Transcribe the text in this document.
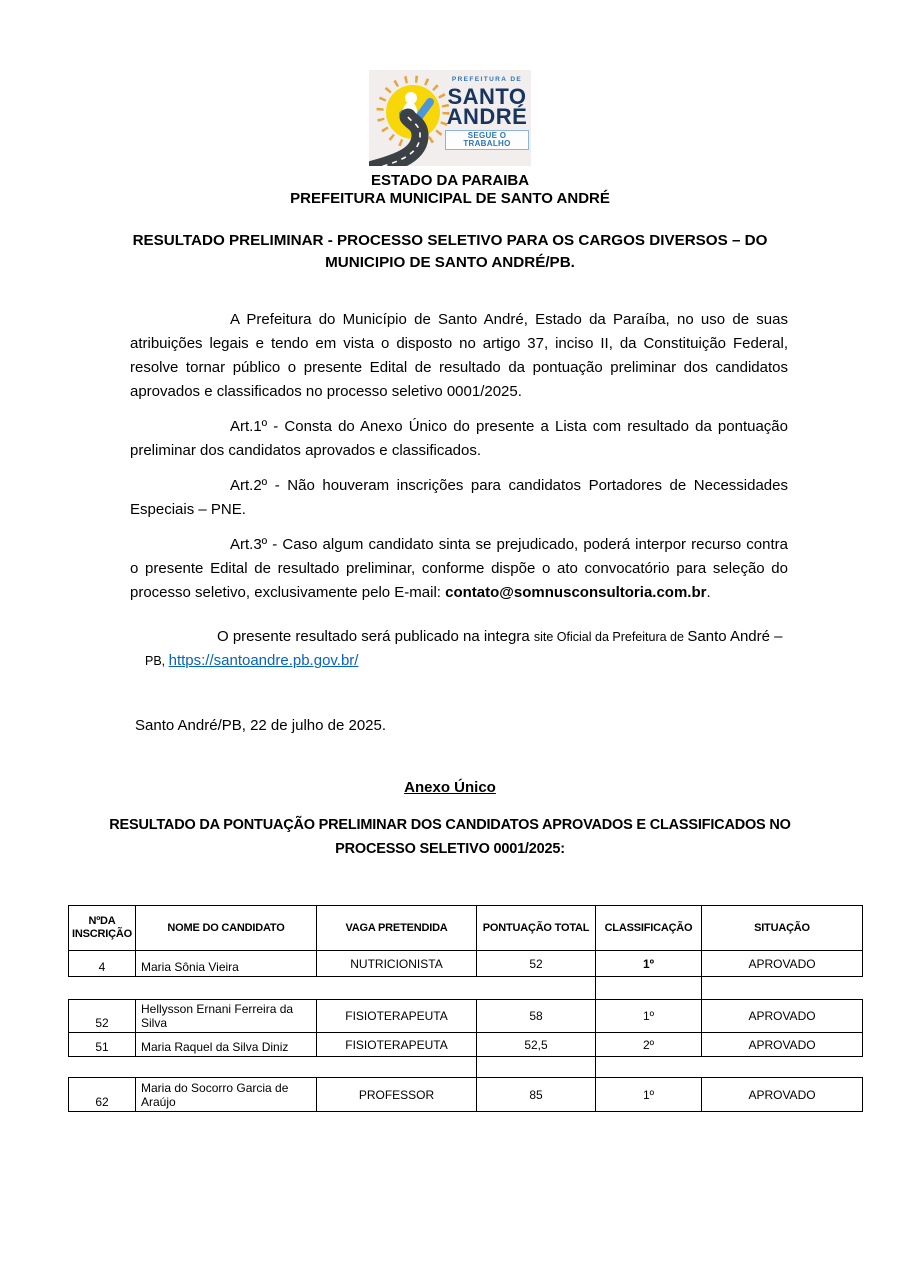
PREFEITURA DE
SANTO
ANDRÉ
SEGUE O TRABALHO
ESTADO DA PARAIBA
PREFEITURA MUNICIPAL DE SANTO ANDRÉ
RESULTADO PRELIMINAR - PROCESSO SELETIVO PARA OS CARGOS DIVERSOS – DO MUNICIPIO DE SANTO ANDRÉ/PB.

A Prefeitura do Município de Santo André, Estado da Paraíba, no uso de suas atribuições legais e tendo em vista o disposto no artigo 37, inciso II, da Constituição Federal, resolve tornar público o presente Edital de resultado da pontuação preliminar dos candidatos aprovados e classificados no processo seletivo 0001/2025.

Art.1º - Consta do Anexo Único do presente a Lista com resultado da pontuação preliminar dos candidatos aprovados e classificados.

Art.2º - Não houveram inscrições para candidatos Portadores de Necessidades Especiais – PNE.

Art.3º - Caso algum candidato sinta se prejudicado, poderá interpor recurso contra o presente Edital de resultado preliminar, conforme dispõe o ato convocatório para seleção do processo seletivo, exclusivamente pelo E-mail: contato@somnusconsultoria.com.br.

O presente resultado será publicado na integra site Oficial da Prefeitura de Santo André – PB, https://santoandre.pb.gov.br/

Santo André/PB, 22 de julho de 2025.

Anexo Único
RESULTADO DA PONTUAÇÃO PRELIMINAR DOS CANDIDATOS APROVADOS E CLASSIFICADOS NO PROCESSO SELETIVO 0001/2025:
NºDA INSCRIÇÃO	NOME DO CANDIDATO	VAGA PRETENDIDA	PONTUAÇÃO TOTAL	CLASSIFICAÇÃO	SITUAÇÃO
4	Maria Sônia Vieira	NUTRICIONISTA	52	1º	APROVADO
52	Hellysson Ernani Ferreira da Silva	FISIOTERAPEUTA	58	1º	APROVADO
51	Maria Raquel da Silva Diniz	FISIOTERAPEUTA	52,5	2º	APROVADO
62	Maria do Socorro Garcia de Araújo	PROFESSOR	85	1º	APROVADO
